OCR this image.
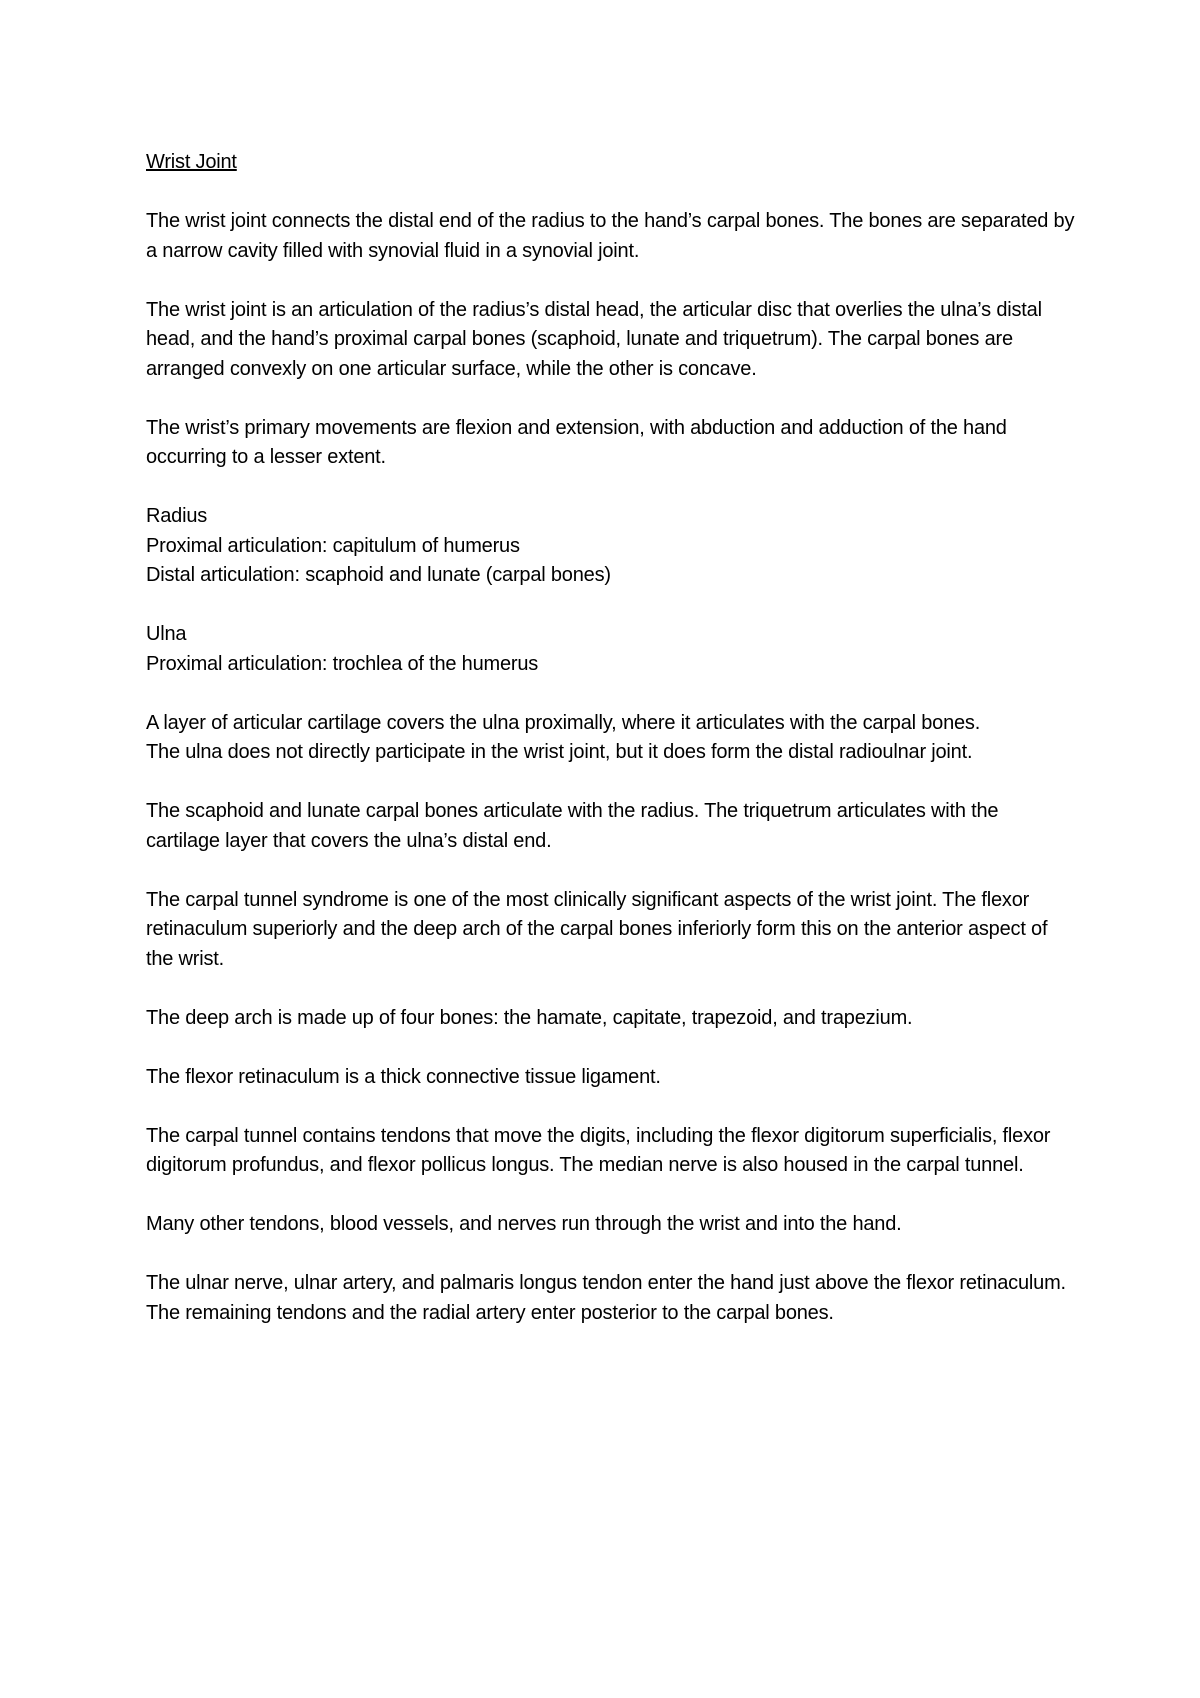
Wrist Joint
The wrist joint connects the distal end of the radius to the hand’s carpal bones. The bones are separated by a narrow cavity filled with synovial fluid in a synovial joint.
The wrist joint is an articulation of the radius’s distal head, the articular disc that overlies the ulna’s distal head, and the hand’s proximal carpal bones (scaphoid, lunate and triquetrum). The carpal bones are arranged convexly on one articular surface, while the other is concave.
The wrist’s primary movements are flexion and extension, with abduction and adduction of the hand occurring to a lesser extent.
Radius
Proximal articulation: capitulum of humerus
Distal articulation: scaphoid and lunate (carpal bones)
Ulna
Proximal articulation: trochlea of the humerus
A layer of articular cartilage covers the ulna proximally, where it articulates with the carpal bones.
The ulna does not directly participate in the wrist joint, but it does form the distal radioulnar joint.
The scaphoid and lunate carpal bones articulate with the radius. The triquetrum articulates with the cartilage layer that covers the ulna’s distal end.
The carpal tunnel syndrome is one of the most clinically significant aspects of the wrist joint. The flexor retinaculum superiorly and the deep arch of the carpal bones inferiorly form this on the anterior aspect of the wrist.
The deep arch is made up of four bones: the hamate, capitate, trapezoid, and trapezium.
The flexor retinaculum is a thick connective tissue ligament.
The carpal tunnel contains tendons that move the digits, including the flexor digitorum superficialis, flexor digitorum profundus, and flexor pollicus longus. The median nerve is also housed in the carpal tunnel.
Many other tendons, blood vessels, and nerves run through the wrist and into the hand.
The ulnar nerve, ulnar artery, and palmaris longus tendon enter the hand just above the flexor retinaculum. The remaining tendons and the radial artery enter posterior to the carpal bones.
